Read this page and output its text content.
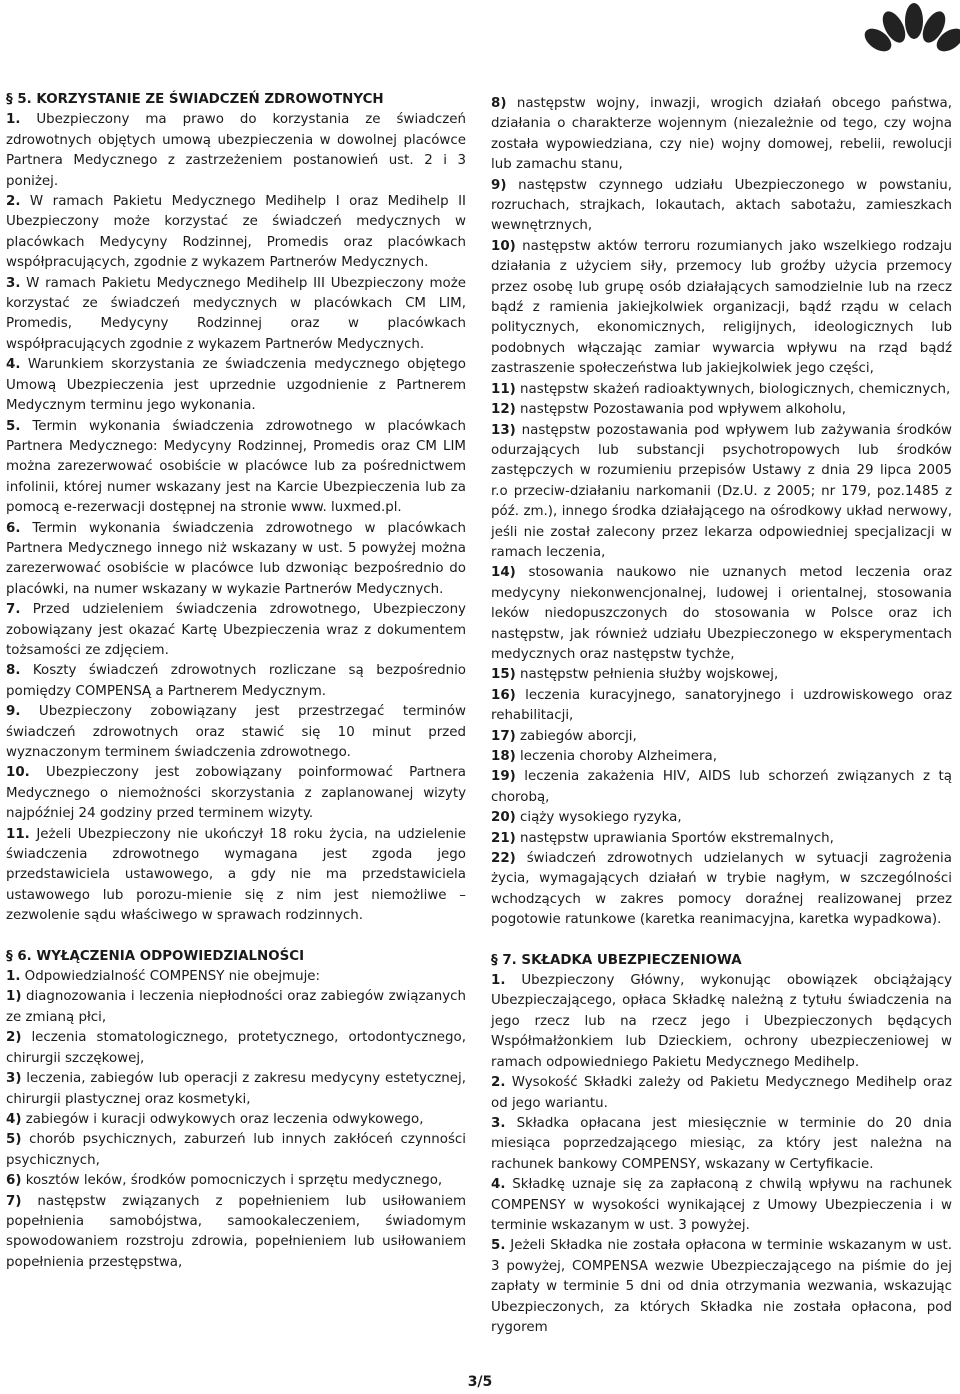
§ 5. KORZYSTANIE ZE ŚWIADCZEŃ ZDROWOTNYCH

1. Ubezpieczony ma prawo do korzystania ze świadczeń zdrowotnych objętych umową ubezpieczenia w dowolnej placówce Partnera Medycznego z zastrzeżeniem postanowień ust. 2 i 3 poniżej.

2. W ramach Pakietu Medycznego Medihelp I oraz Medihelp II Ubezpieczony może korzystać ze świadczeń medycznych w placówkach Medycyny Rodzinnej, Promedis oraz placówkach współpracujących, zgodnie z wykazem Partnerów Medycznych.

3. W ramach Pakietu Medycznego Medihelp III Ubezpieczony może korzystać ze świadczeń medycznych w placówkach CM LIM, Promedis, Medycyny Rodzinnej oraz w placówkach współpracujących zgodnie z wykazem Partnerów Medycznych.

4. Warunkiem skorzystania ze świadczenia medycznego objętego Umową Ubezpieczenia jest uprzednie uzgodnienie z Partnerem Medycznym terminu jego wykonania.

5. Termin wykonania świadczenia zdrowotnego w placówkach Partnera Medycznego: Medycyny Rodzinnej, Promedis oraz CM LIM można zarezerwować osobiście w placówce lub za pośrednictwem infolinii, której numer wskazany jest na Karcie Ubezpieczenia lub za pomocą e-rezerwacji dostępnej na stronie www. luxmed.pl.

6. Termin wykonania świadczenia zdrowotnego w placówkach Partnera Medycznego innego niż wskazany w ust. 5 powyżej można zarezerwować osobiście w placówce lub dzwoniąc bezpośrednio do placówki, na numer wskazany w wykazie Partnerów Medycznych.

7. Przed udzieleniem świadczenia zdrowotnego, Ubezpieczony zobowiązany jest okazać Kartę Ubezpieczenia wraz z dokumentem tożsamości ze zdjęciem.

8. Koszty świadczeń zdrowotnych rozliczane są bezpośrednio pomiędzy COMPENSĄ a Partnerem Medycznym.

9. Ubezpieczony zobowiązany jest przestrzegać terminów świadczeń zdrowotnych oraz stawić się 10 minut przed wyznaczonym terminem świadczenia zdrowotnego.

10. Ubezpieczony jest zobowiązany poinformować Partnera Medycznego o niemożności skorzystania z zaplanowanej wizyty najpóźniej 24 godziny przed terminem wizyty.

11. Jeżeli Ubezpieczony nie ukończył 18 roku życia, na udzielenie świadczenia zdrowotnego wymagana jest zgoda jego przedstawiciela ustawowego, a gdy nie ma przedstawiciela ustawowego lub porozu-mienie się z nim jest niemożliwe – zezwolenie sądu właściwego w sprawach rodzinnych.

§ 6. WYŁĄCZENIA ODPOWIEDZIALNOŚCI

1. Odpowiedzialność COMPENSY nie obejmuje:

1) diagnozowania i leczenia niepłodności oraz zabiegów związanych ze zmianą płci,

2) leczenia stomatologicznego, protetycznego, ortodontycznego, chirurgii szczękowej,

3) leczenia, zabiegów lub operacji z zakresu medycyny estetycznej, chirurgii plastycznej oraz kosmetyki,

4) zabiegów i kuracji odwykowych oraz leczenia odwykowego,

5) chorób psychicznych, zaburzeń lub innych zakłóceń czynności psychicznych,

6) kosztów leków, środków pomocniczych i sprzętu medycznego,

7) następstw związanych z popełnieniem lub usiłowaniem popełnienia samobójstwa, samookaleczeniem, świadomym spowodowaniem rozstroju zdrowia, popełnieniem lub usiłowaniem popełnienia przestępstwa,

8) następstw wojny, inwazji, wrogich działań obcego państwa, działania o charakterze wojennym (niezależnie od tego, czy wojna została wypowiedziana, czy nie) wojny domowej, rebelii, rewolucji lub zamachu stanu,

9) następstw czynnego udziału Ubezpieczonego w powstaniu, rozruchach, strajkach, lokautach, aktach sabotażu, zamieszkach wewnętrznych,

10) następstw aktów terroru rozumianych jako wszelkiego rodzaju działania z użyciem siły, przemocy lub groźby użycia przemocy przez osobę lub grupę osób działających samodzielnie lub na rzecz bądź z ramienia jakiejkolwiek organizacji, bądź rządu w celach politycznych, ekonomicznych, religijnych, ideologicznych lub podobnych włączając zamiar wywarcia wpływu na rząd bądź zastraszenie społeczeństwa lub jakiejkolwiek jego części,

11) następstw skażeń radioaktywnych, biologicznych, chemicznych,

12) następstw Pozostawania pod wpływem alkoholu,

13) następstw pozostawania pod wpływem lub zażywania środków odurzających lub substancji psychotropowych lub środków zastępczych w rozumieniu przepisów Ustawy z dnia 29 lipca 2005 r.o przeciw-działaniu narkomanii (Dz.U. z 2005; nr 179, poz.1485 z póź. zm.), innego środka działającego na ośrodkowy układ nerwowy, jeśli nie został zalecony przez lekarza odpowiedniej specjalizacji w ramach leczenia,

14) stosowania naukowo nie uznanych metod leczenia oraz medycyny niekonwencjonalnej, ludowej i orientalnej, stosowania leków niedopuszczonych do stosowania w Polsce oraz ich następstw, jak również udziału Ubezpieczonego w eksperymentach medycznych oraz następstw tychże,

15) następstw pełnienia służby wojskowej,

16) leczenia kuracyjnego, sanatoryjnego i uzdrowiskowego oraz rehabilitacji,

17) zabiegów aborcji,

18) leczenia choroby Alzheimera,

19) leczenia zakażenia HIV, AIDS lub schorzeń związanych z tą chorobą,

20) ciąży wysokiego ryzyka,

21) następstw uprawiania Sportów ekstremalnych,

22) świadczeń zdrowotnych udzielanych w sytuacji zagrożenia życia, wymagających działań w trybie nagłym, w szczególności wchodzących w zakres pomocy doraźnej realizowanej przez pogotowie ratunkowe (karetka reanimacyjna, karetka wypadkowa).

§ 7. SKŁADKA UBEZPIECZENIOWA

1. Ubezpieczony Główny, wykonując obowiązek obciążający Ubezpieczającego, opłaca Składkę należną z tytułu świadczenia na jego rzecz lub na rzecz jego i Ubezpieczonych będących Współmałżonkiem lub Dzieckiem, ochrony ubezpieczeniowej w ramach odpowiedniego Pakietu Medycznego Medihelp.

2. Wysokość Składki zależy od Pakietu Medycznego Medihelp oraz od jego wariantu.

3. Składka opłacana jest miesięcznie w terminie do 20 dnia miesiąca poprzedzającego miesiąc, za który jest należna na rachunek bankowy COMPENSY, wskazany w Certyfikacie.

4. Składkę uznaje się za zapłaconą z chwilą wpływu na rachunek COMPENSY w wysokości wynikającej z Umowy Ubezpieczenia i w terminie wskazanym w ust. 3 powyżej.

5. Jeżeli Składka nie została opłacona w terminie wskazanym w ust. 3 powyżej, COMPENSA wezwie Ubezpieczającego na piśmie do jej zapłaty w terminie 5 dni od dnia otrzymania wezwania, wskazując Ubezpieczonych, za których Składka nie została opłacona, pod rygorem

3/5
